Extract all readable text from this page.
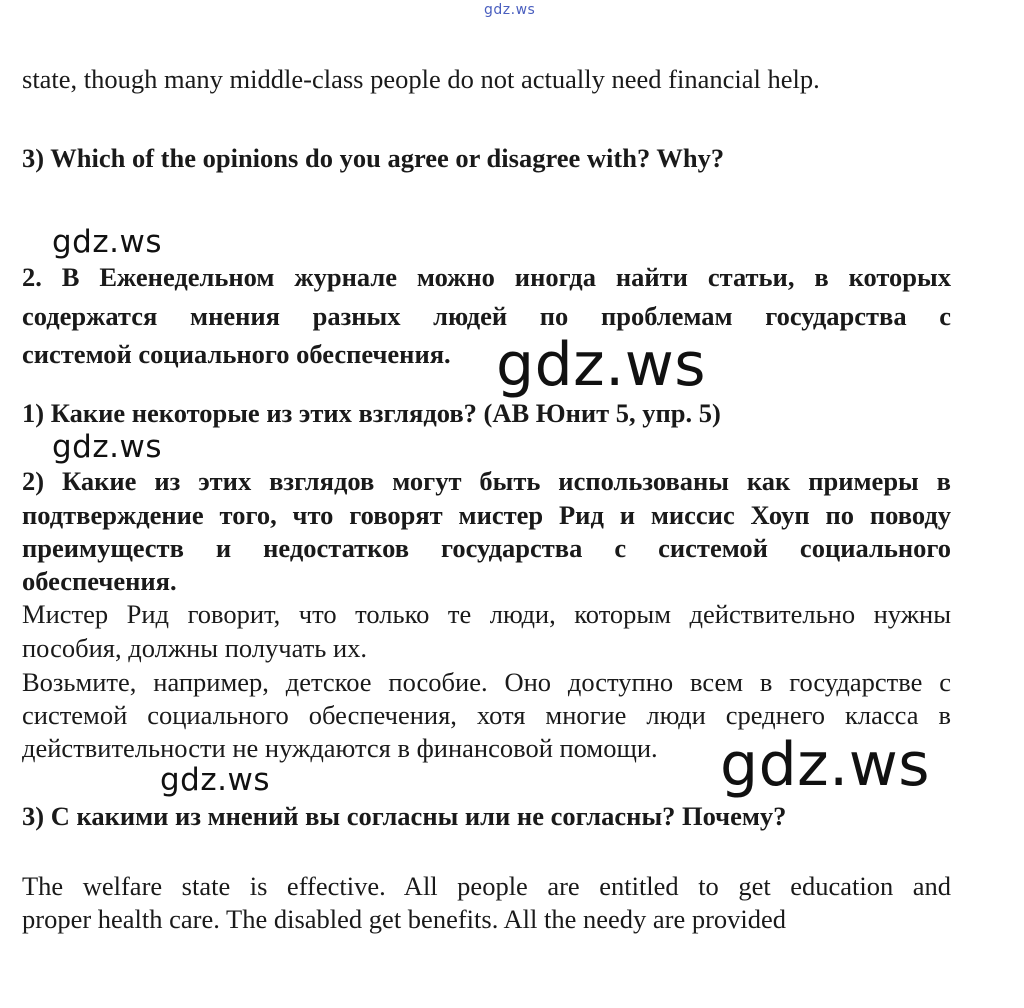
gdz.ws
state, though many middle-class people do not actually need financial help.
3) Which of the opinions do you agree or disagree with? Why?
gdz.ws
2. В Еженедельном журнале можно иногда найти статьи, в которых
содержатся мнения разных людей по проблемам государства с
системой социального обеспечения. gdz.ws
1) Какие некоторые из этих взглядов? (АВ Юнит 5, упр. 5)
gdz.ws
2) Какие из этих взглядов могут быть использованы как примеры в
подтверждение того, что говорят мистер Рид и миссис Хоуп по поводу
преимуществ и недостатков государства с системой социального
обеспечения.
Мистер Рид говорит, что только те люди, которым действительно нужны
пособия, должны получать их.
Возьмите, например, детское пособие. Оно доступно всем в государстве с
системой социального обеспечения, хотя многие люди среднего класса в
действительности не нуждаются в финансовой помощи.	gdz.ws
gdz.ws
3) С какими из мнений вы согласны или не согласны? Почему?
The welfare state is effective. All people are entitled to get education and
proper health care. The disabled get benefits. All the needy are provided
